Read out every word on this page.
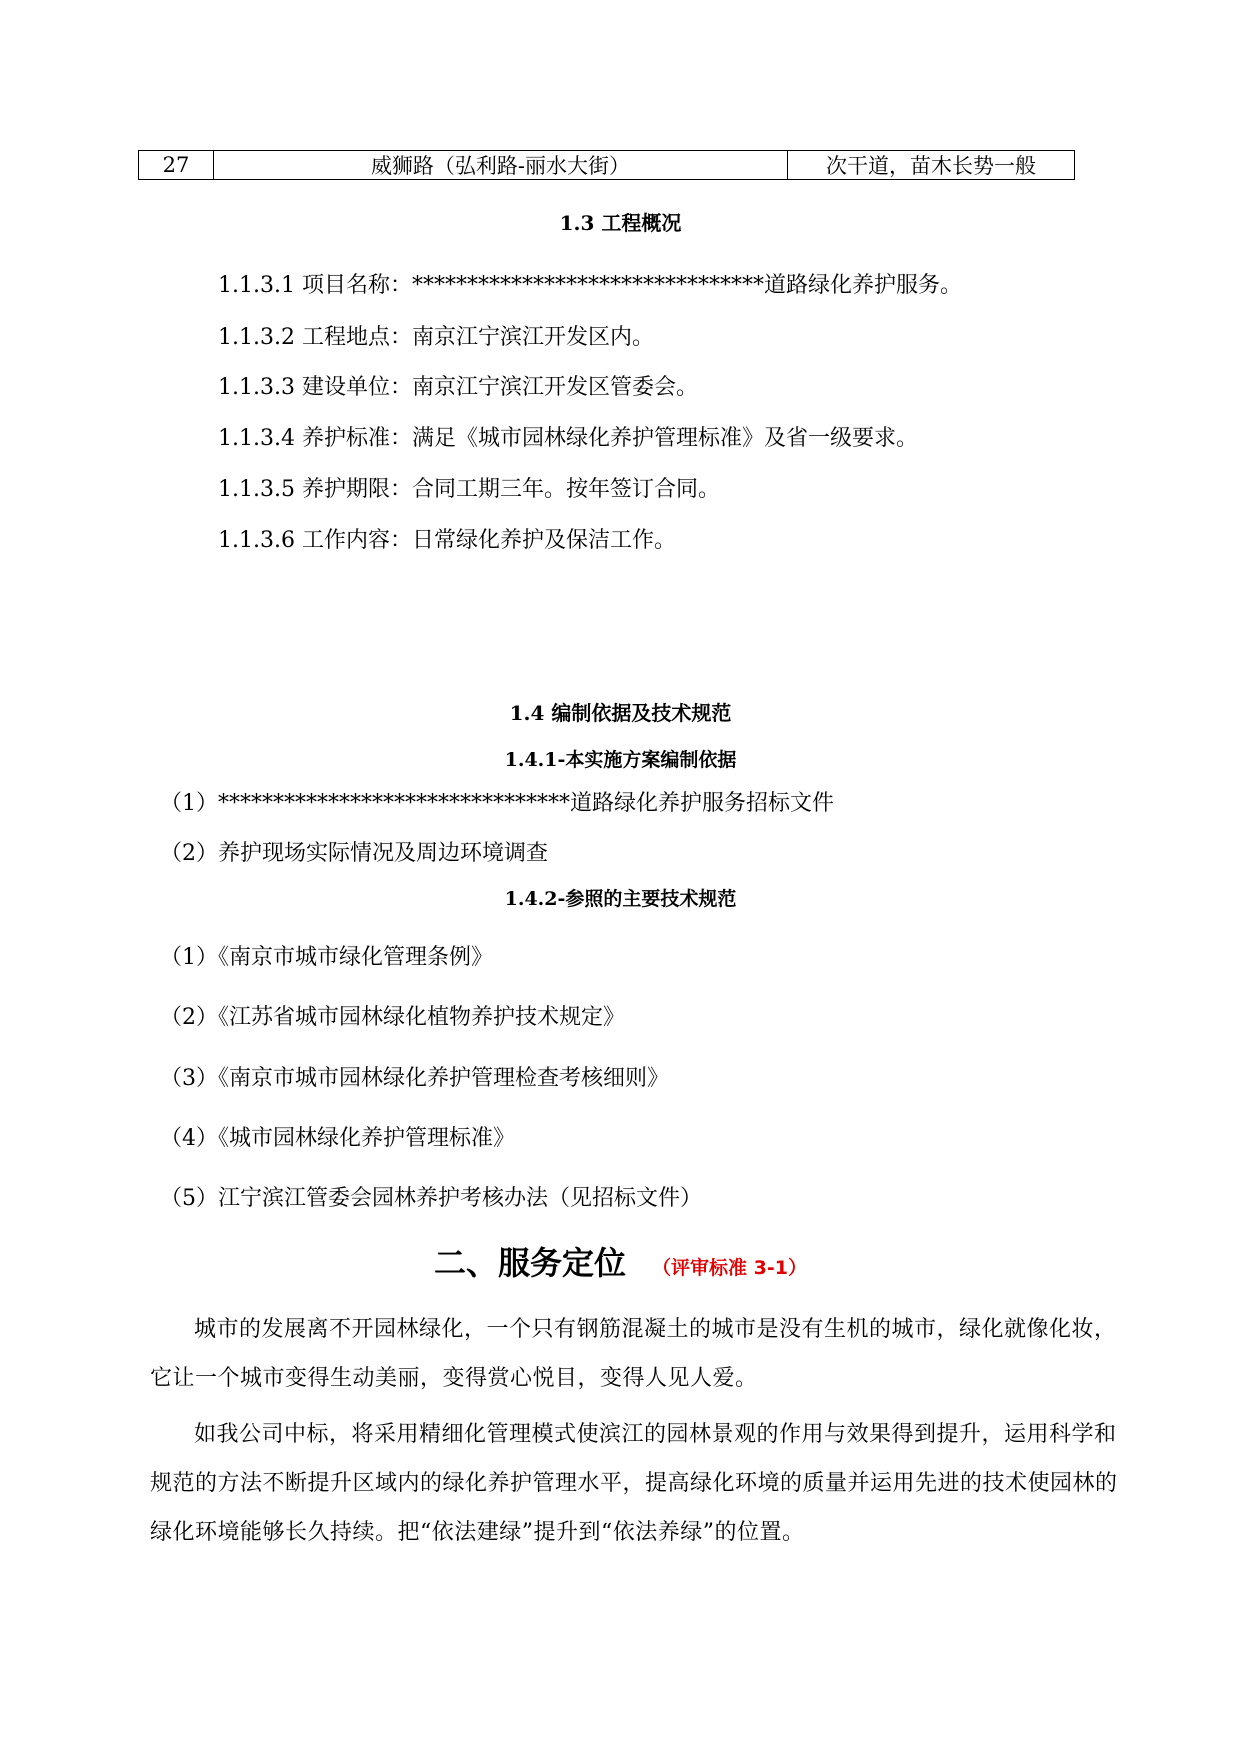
27	威狮路（弘利路-丽水大街）	次干道，苗木长势一般
1.3 工程概况
1.1.3.1 项目名称：********************************道路绿化养护服务。
1.1.3.2 工程地点：南京江宁滨江开发区内。
1.1.3.3 建设单位：南京江宁滨江开发区管委会。
1.1.3.4 养护标准：满足《城市园林绿化养护管理标准》及省一级要求。
1.1.3.5 养护期限：合同工期三年。按年签订合同。
1.1.3.6 工作内容：日常绿化养护及保洁工作。
1.4 编制依据及技术规范
1.4.1-本实施方案编制依据
（1）********************************道路绿化养护服务招标文件
（2）养护现场实际情况及周边环境调查
1.4.2-参照的主要技术规范
（1）《南京市城市绿化管理条例》
（2）《江苏省城市园林绿化植物养护技术规定》
（3）《南京市城市园林绿化养护管理检查考核细则》
（4）《城市园林绿化养护管理标准》
（5）江宁滨江管委会园林养护考核办法（见招标文件）
二、服务定位 （评审标准 3-1）

城市的发展离不开园林绿化，一个只有钢筋混凝土的城市是没有生机的城市，绿化就像化妆，它让一个城市变得生动美丽，变得赏心悦目，变得人见人爱。

如我公司中标，将采用精细化管理模式使滨江的园林景观的作用与效果得到提升，运用科学和规范的方法不断提升区域内的绿化养护管理水平，提高绿化环境的质量并运用先进的技术使园林的绿化环境能够长久持续。把“依法建绿”提升到“依法养绿”的位置。
